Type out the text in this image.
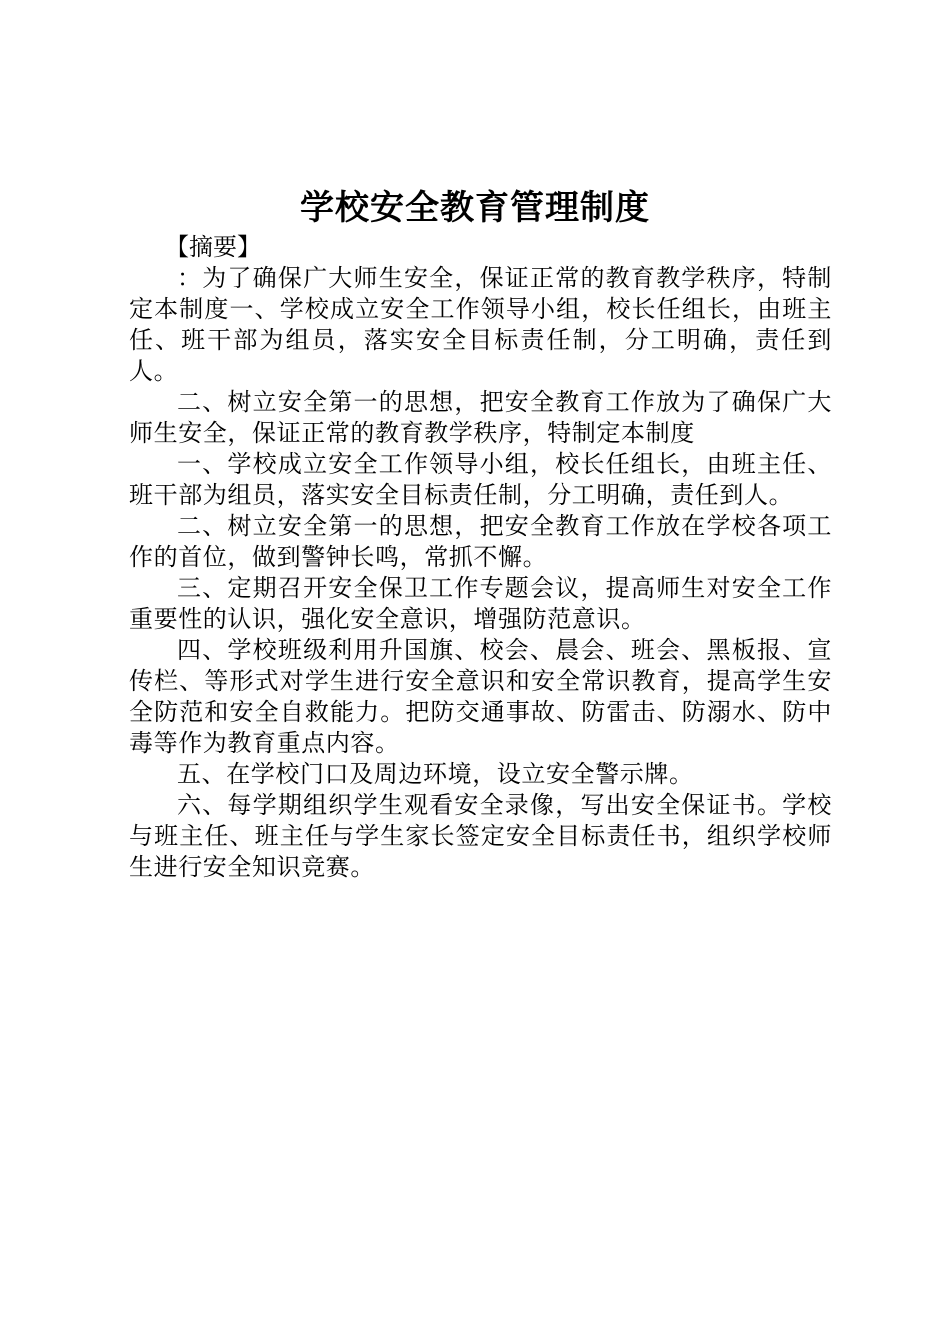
学校安全教育管理制度

【摘要】

：为了确保广大师生安全，保证正常的教育教学秩序，特制定本制度一、学校成立安全工作领导小组，校长任组长，由班主任、班干部为组员，落实安全目标责任制，分工明确，责任到人。

二、树立安全第一的思想，把安全教育工作放为了确保广大师生安全，保证正常的教育教学秩序，特制定本制度

一、学校成立安全工作领导小组，校长任组长，由班主任、班干部为组员，落实安全目标责任制，分工明确，责任到人。

二、树立安全第一的思想，把安全教育工作放在学校各项工作的首位，做到警钟长鸣，常抓不懈。

三、定期召开安全保卫工作专题会议，提高师生对安全工作重要性的认识，强化安全意识，增强防范意识。

四、学校班级利用升国旗、校会、晨会、班会、黑板报、宣传栏、等形式对学生进行安全意识和安全常识教育，提高学生安全防范和安全自救能力。把防交通事故、防雷击、防溺水、防中毒等作为教育重点内容。

五、在学校门口及周边环境，设立安全警示牌。

六、每学期组织学生观看安全录像，写出安全保证书。学校与班主任、班主任与学生家长签定安全目标责任书，组织学校师生进行安全知识竞赛。
